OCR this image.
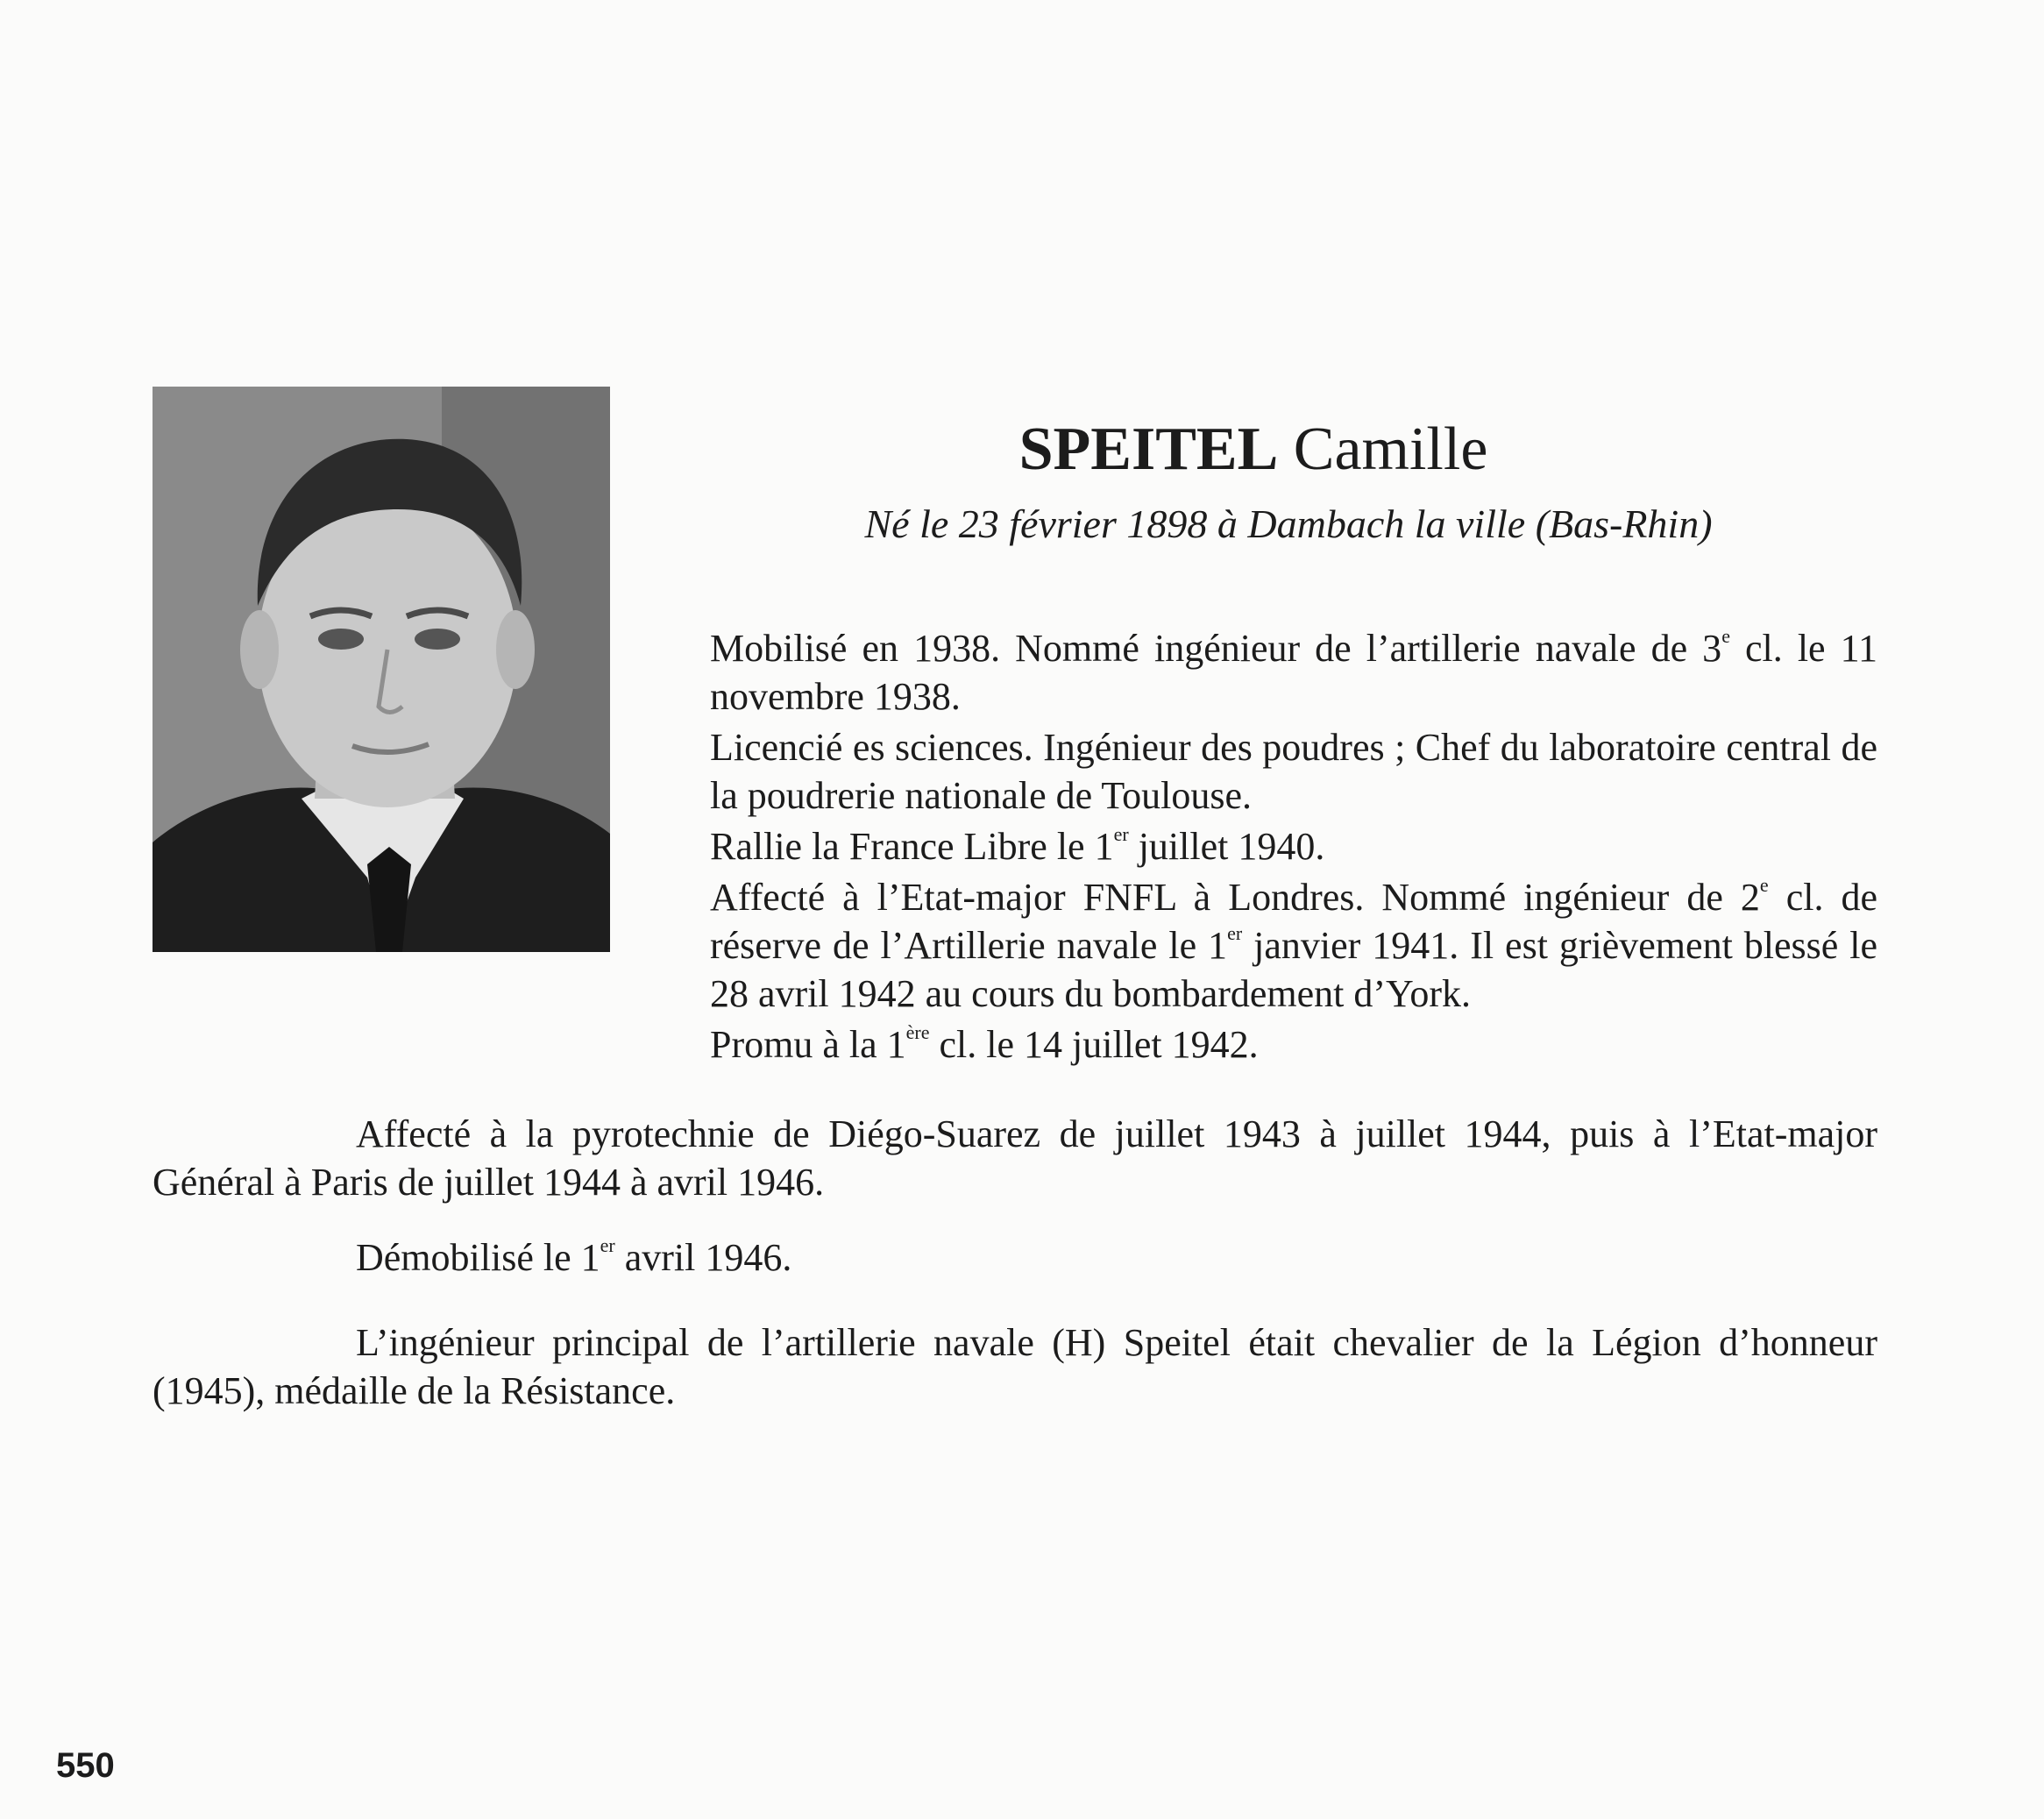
SPEITEL Camille

Né le 23 février 1898 à Dambach la ville (Bas-Rhin)

Mobilisé en 1938. Nommé ingénieur de l’artillerie navale de 3e cl. le 11 novembre 1938.

Licencié es sciences. Ingénieur des poudres ; Chef du laboratoire central de la poudrerie nationale de Toulouse.

Rallie la France Libre le 1er juillet 1940.

Affecté à l’Etat-major FNFL à Londres. Nommé ingénieur de 2e cl. de réserve de l’Artillerie navale le 1er janvier 1941. Il est grièvement blessé le 28 avril 1942 au cours du bombardement d’York.

Promu à la 1ère cl. le 14 juillet 1942.

Affecté à la pyrotechnie de Diégo-Suarez de juillet 1943 à juillet 1944, puis à l’Etat-major Général à Paris de juillet 1944 à avril 1946.

Démobilisé le 1er avril 1946.

L’ingénieur principal de l’artillerie navale (H) Speitel était chevalier de la Légion d’honneur (1945), médaille de la Résistance.

550
